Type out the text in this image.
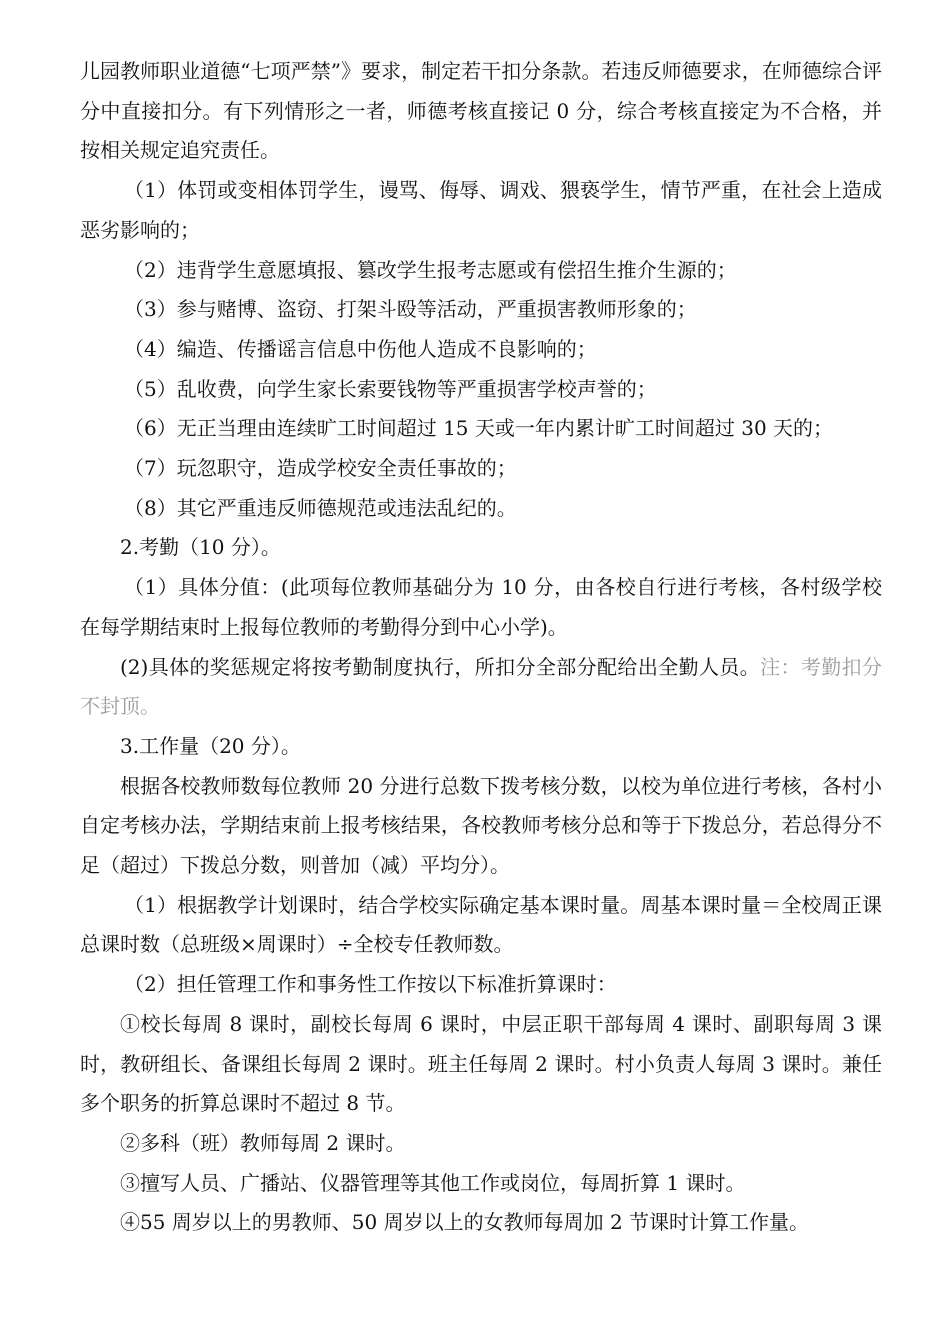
儿园教师职业道德“七项严禁”》要求，制定若干扣分条款。若违反师德要求，在师德综合评分中直接扣分。有下列情形之一者，师德考核直接记 0 分，综合考核直接定为不合格，并按相关规定追究责任。

（1）体罚或变相体罚学生，谩骂、侮辱、调戏、猥亵学生，情节严重，在社会上造成恶劣影响的；

（2）违背学生意愿填报、篡改学生报考志愿或有偿招生推介生源的；

（3）参与赌博、盗窃、打架斗殴等活动，严重损害教师形象的；

（4）编造、传播谣言信息中伤他人造成不良影响的；

（5）乱收费，向学生家长索要钱物等严重损害学校声誉的；

（6）无正当理由连续旷工时间超过 15 天或一年内累计旷工时间超过 30 天的；

（7）玩忽职守，造成学校安全责任事故的；

（8）其它严重违反师德规范或违法乱纪的。

2.考勤（10 分）。

（1）具体分值：(此项每位教师基础分为 10 分，由各校自行进行考核，各村级学校在每学期结束时上报每位教师的考勤得分到中心小学)。

(2)具体的奖惩规定将按考勤制度执行，所扣分全部分配给出全勤人员。注：考勤扣分不封顶。

3.工作量（20 分）。

根据各校教师数每位教师 20 分进行总数下拨考核分数，以校为单位进行考核，各村小自定考核办法，学期结束前上报考核结果，各校教师考核分总和等于下拨总分，若总得分不足（超过）下拨总分数，则普加（减）平均分）。

（1）根据教学计划课时，结合学校实际确定基本课时量。周基本课时量＝全校周正课总课时数（总班级×周课时）÷全校专任教师数。

（2）担任管理工作和事务性工作按以下标准折算课时：

①校长每周 8 课时，副校长每周 6 课时，中层正职干部每周 4 课时、副职每周 3 课时，教研组长、备课组长每周 2 课时。班主任每周 2 课时。村小负责人每周 3 课时。兼任多个职务的折算总课时不超过 8 节。

②多科（班）教师每周 2 课时。

③擅写人员、广播站、仪器管理等其他工作或岗位，每周折算 1 课时。

④55 周岁以上的男教师、50 周岁以上的女教师每周加 2 节课时计算工作量。
